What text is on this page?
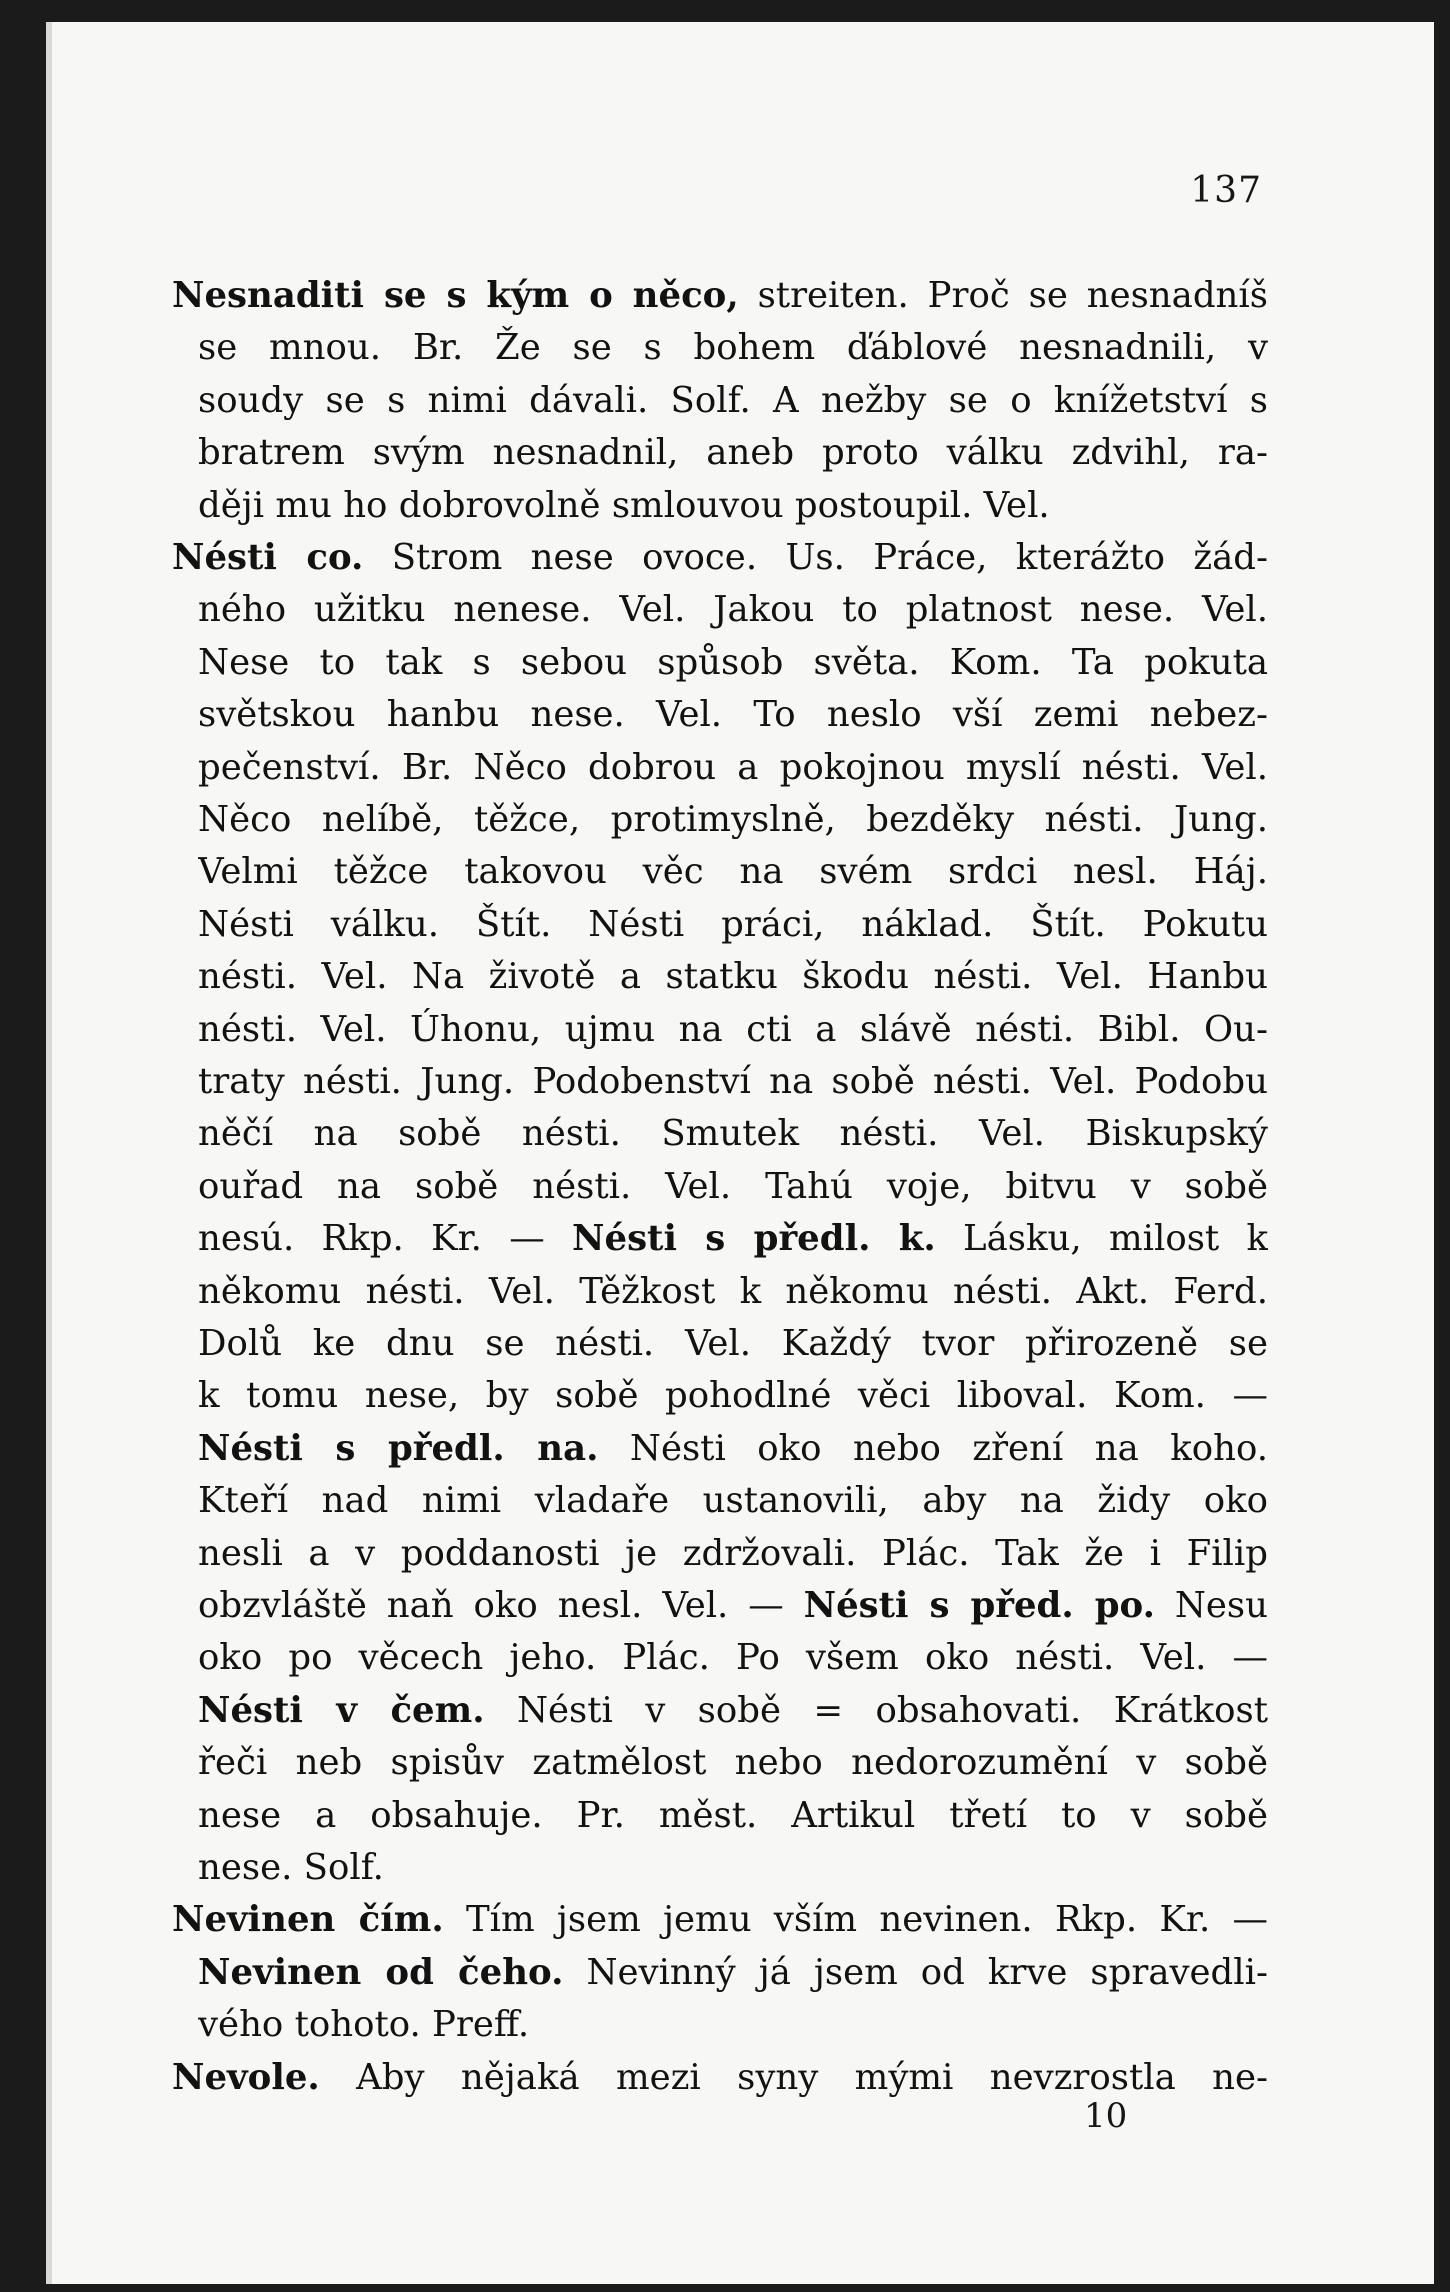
137
Nesnaditi se s kým o něco, streiten. Proč se nesnadníš
se mnou. Br. Že se s bohem ďáblové nesnadnili, v
soudy se s nimi dávali. Solf. A nežby se o knížetství s
bratrem svým nesnadnil, aneb proto válku zdvihl, ra-
ději mu ho dobrovolně smlouvou postoupil. Vel.
Nésti co. Strom nese ovoce. Us. Práce, kterážto žád-
ného užitku nenese. Vel. Jakou to platnost nese. Vel.
Nese to tak s sebou spůsob světa. Kom. Ta pokuta
světskou hanbu nese. Vel. To neslo vší zemi nebez-
pečenství. Br. Něco dobrou a pokojnou myslí nésti. Vel.
Něco nelíbě, těžce, protimyslně, bezděky nésti. Jung.
Velmi těžce takovou věc na svém srdci nesl. Háj.
Nésti válku. Štít. Nésti práci, náklad. Štít. Pokutu
nésti. Vel. Na životě a statku škodu nésti. Vel. Hanbu
nésti. Vel. Úhonu, ujmu na cti a slávě nésti. Bibl. Ou-
traty nésti. Jung. Podobenství na sobě nésti. Vel. Podobu
něčí na sobě nésti. Smutek nésti. Vel. Biskupský
ouřad na sobě nésti. Vel. Tahú voje, bitvu v sobě
nesú. Rkp. Kr. — Nésti s předl. k. Lásku, milost k
někomu nésti. Vel. Těžkost k někomu nésti. Akt. Ferd.
Dolů ke dnu se nésti. Vel. Každý tvor přirozeně se
k tomu nese, by sobě pohodlné věci liboval. Kom. —
Nésti s předl. na. Nésti oko nebo zření na koho.
Kteří nad nimi vladaře ustanovili, aby na židy oko
nesli a v poddanosti je zdržovali. Plác. Tak že i Filip
obzvláště naň oko nesl. Vel. — Nésti s před. po. Nesu
oko po věcech jeho. Plác. Po všem oko nésti. Vel. —
Nésti v čem. Nésti v sobě = obsahovati. Krátkost
řeči neb spisův zatmělost nebo nedorozumění v sobě
nese a obsahuje. Pr. měst. Artikul třetí to v sobě
nese. Solf.
Nevinen čím. Tím jsem jemu vším nevinen. Rkp. Kr. —
Nevinen od čeho. Nevinný já jsem od krve spravedli-
vého tohoto. Preff.
Nevole. Aby nějaká mezi syny mými nevzrostla ne-
10
